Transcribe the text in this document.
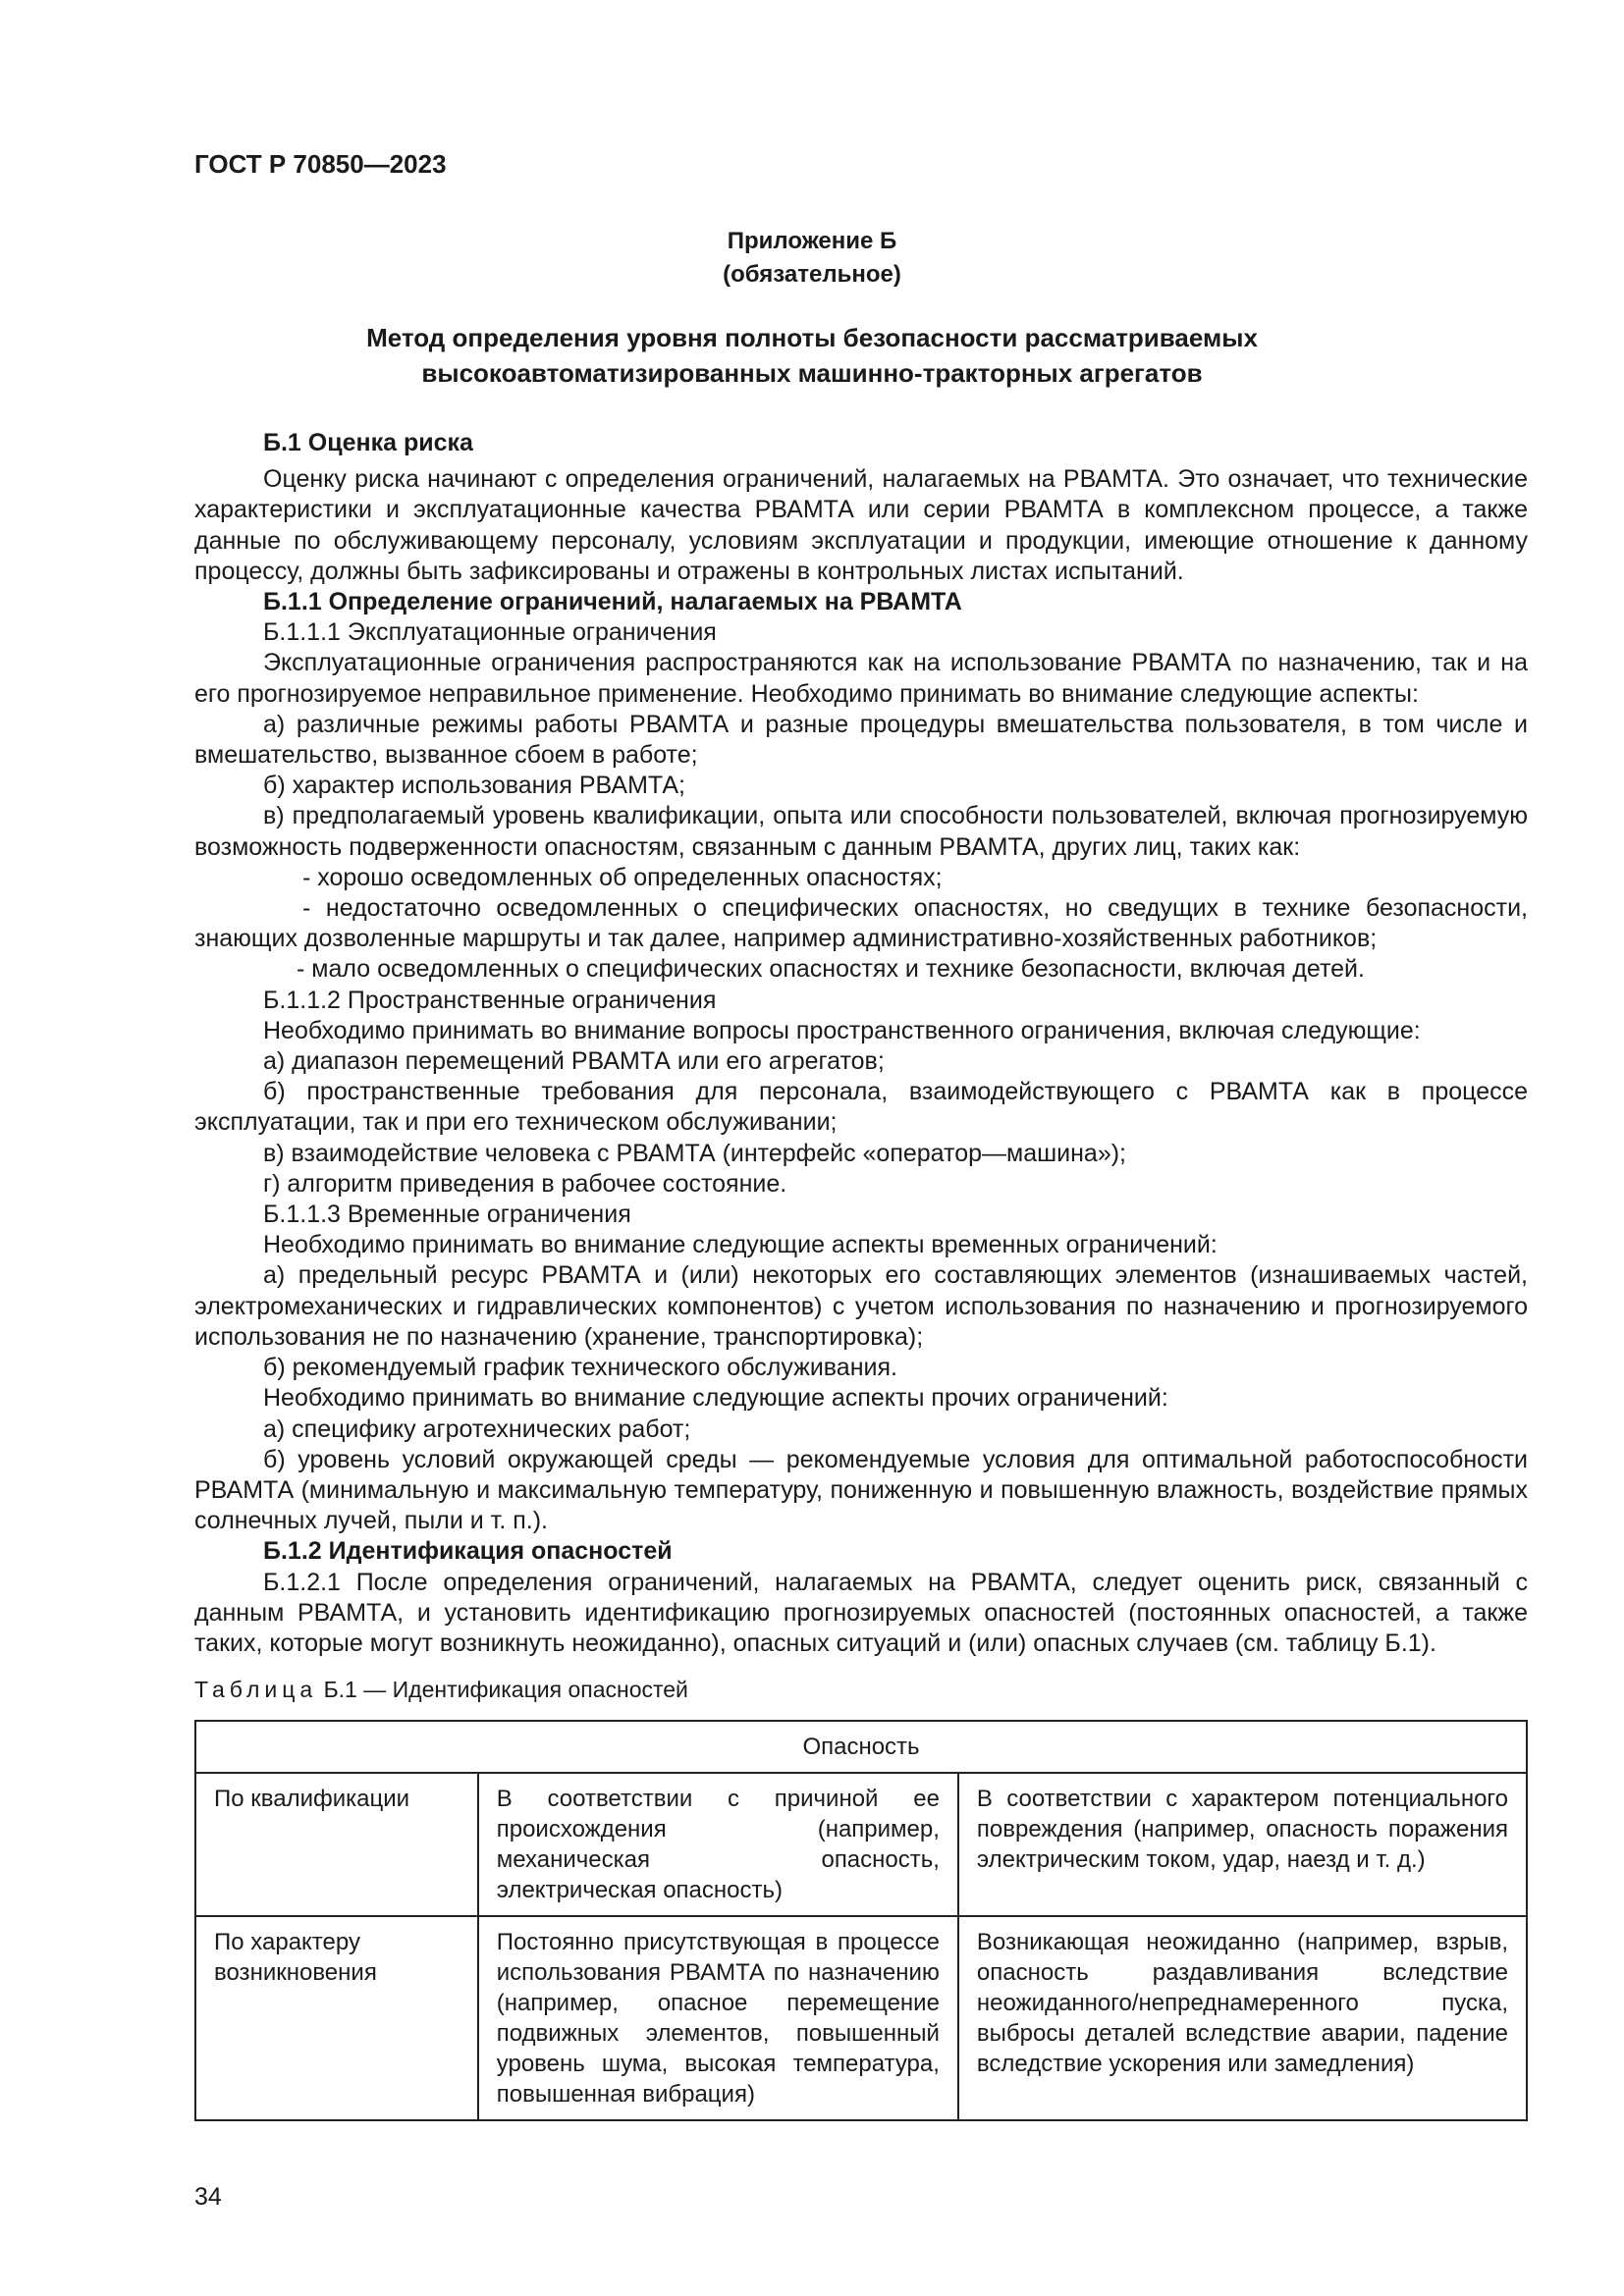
ГОСТ Р 70850—2023
Приложение Б
(обязательное)
Метод определения уровня полноты безопасности рассматриваемых
высокоавтоматизированных машинно-тракторных агрегатов

Б.1 Оценка риска

Оценку риска начинают с определения ограничений, налагаемых на РВАМТА. Это означает, что технические характеристики и эксплуатационные качества РВАМТА или серии РВАМТА в комплексном процессе, а также данные по обслуживающему персоналу, условиям эксплуатации и продукции, имеющие отношение к данному процессу, должны быть зафиксированы и отражены в контрольных листах испытаний.

Б.1.1 Определение ограничений, налагаемых на РВАМТА

Б.1.1.1 Эксплуатационные ограничения

Эксплуатационные ограничения распространяются как на использование РВАМТА по назначению, так и на его прогнозируемое неправильное применение. Необходимо принимать во внимание следующие аспекты:

а) различные режимы работы РВАМТА и разные процедуры вмешательства пользователя, в том числе и вмешательство, вызванное сбоем в работе;

б) характер использования РВАМТА;

в) предполагаемый уровень квалификации, опыта или способности пользователей, включая прогнозируемую возможность подверженности опасностям, связанным с данным РВАМТА, других лиц, таких как:

- хорошо осведомленных об определенных опасностях;

- недостаточно осведомленных о специфических опасностях, но сведущих в технике безопасности, знающих дозволенные маршруты и так далее, например административно-хозяйственных работников;

- мало осведомленных о специфических опасностях и технике безопасности, включая детей.

Б.1.1.2 Пространственные ограничения

Необходимо принимать во внимание вопросы пространственного ограничения, включая следующие:

а) диапазон перемещений РВАМТА или его агрегатов;

б) пространственные требования для персонала, взаимодействующего с РВАМТА как в процессе эксплуатации, так и при его техническом обслуживании;

в) взаимодействие человека с РВАМТА (интерфейс «оператор—машина»);

г) алгоритм приведения в рабочее состояние.

Б.1.1.3 Временные ограничения

Необходимо принимать во внимание следующие аспекты временных ограничений:

а) предельный ресурс РВАМТА и (или) некоторых его составляющих элементов (изнашиваемых частей, электромеханических и гидравлических компонентов) с учетом использования по назначению и прогнозируемого использования не по назначению (хранение, транспортировка);

б) рекомендуемый график технического обслуживания.

Необходимо принимать во внимание следующие аспекты прочих ограничений:

а) специфику агротехнических работ;

б) уровень условий окружающей среды — рекомендуемые условия для оптимальной работоспособности РВАМТА (минимальную и максимальную температуру, пониженную и повышенную влажность, воздействие прямых солнечных лучей, пыли и т. п.).

Б.1.2 Идентификация опасностей

Б.1.2.1 После определения ограничений, налагаемых на РВАМТА, следует оценить риск, связанный с данным РВАМТА, и установить идентификацию прогнозируемых опасностей (постоянных опасностей, а также таких, которые могут возникнуть неожиданно), опасных ситуаций и (или) опасных случаев (см. таблицу Б.1).

Таблица Б.1 — Идентификация опасностей
Опасность		
По квалификации	В соответствии с причиной ее происхождения (например, механическая опасность, электрическая опасность)	В соответствии с характером потенциального повреждения (например, опасность поражения электрическим током, удар, наезд и т. д.)
По характеру возникновения	Постоянно присутствующая в процессе использования РВАМТА по назначению (например, опасное перемещение подвижных элементов, повышенный уровень шума, высокая температура, повышенная вибрация)	Возникающая неожиданно (например, взрыв, опасность раздавливания вследствие неожиданного/непреднамеренного пуска, выбросы деталей вследствие аварии, падение вследствие ускорения или замедления)
34
